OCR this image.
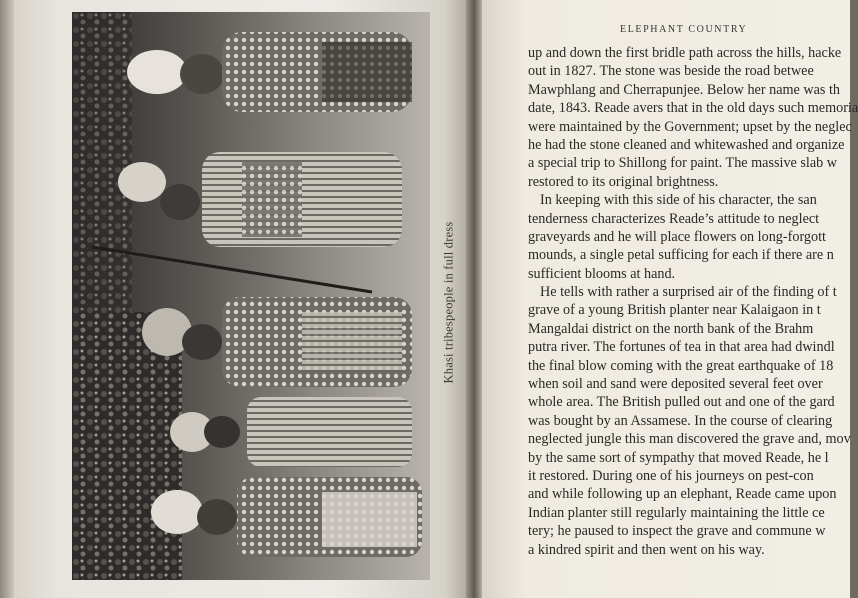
Khasi tribespeople in full dress
ELEPHANT COUNTRY
up and down the first bridle path across the hills, hacke
out in 1827. The stone was beside the road betwee
Mawphlang and Cherrapunjee. Below her name was th
date, 1843. Reade avers that in the old days such memoria
were maintained by the Government; upset by the neglec
he had the stone cleaned and whitewashed and organize
a special trip to Shillong for paint. The massive slab w
restored to its original brightness.
In keeping with this side of his character, the san
tenderness characterizes Reade’s attitude to neglect
graveyards and he will place flowers on long-forgott
mounds, a single petal sufficing for each if there are n
sufficient blooms at hand.
He tells with rather a surprised air of the finding of t
grave of a young British planter near Kalaigaon in t
Mangaldai district on the north bank of the Brahm
putra river. The fortunes of tea in that area had dwindl
the final blow coming with the great earthquake of 18
when soil and sand were deposited several feet over
whole area. The British pulled out and one of the gard
was bought by an Assamese. In the course of clearing
neglected jungle this man discovered the grave and, mov
by the same sort of sympathy that moved Reade, he l
it restored. During one of his journeys on pest-con
and while following up an elephant, Reade came upon
Indian planter still regularly maintaining the little ce
tery; he paused to inspect the grave and commune w
a kindred spirit and then went on his way.
